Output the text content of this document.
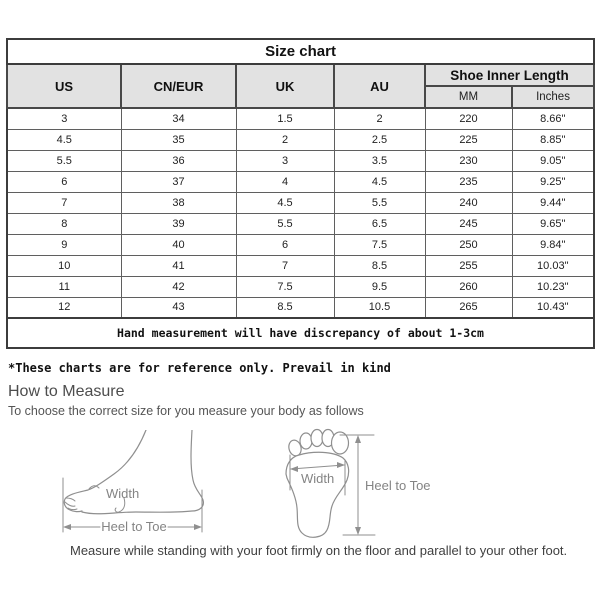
Size chart					
US	CN/EUR	UK	AU	Shoe Inner Length	
				MM	Inches
3	34	1.5	2	220	8.66"
4.5	35	2	2.5	225	8.85"
5.5	36	3	3.5	230	9.05"
6	37	4	4.5	235	9.25"
7	38	4.5	5.5	240	9.44"
8	39	5.5	6.5	245	9.65"
9	40	6	7.5	250	9.84"
10	41	7	8.5	255	10.03"
11	42	7.5	9.5	260	10.23"
12	43	8.5	10.5	265	10.43"
Hand measurement will have discrepancy of about 1-3cm					
*These charts are for reference only. Prevail in kind
How to Measure
To choose the correct size for you measure your body as follows
Width
Heel to Toe
Width Heel to Toe
Measure while standing with your foot firmly on the floor and parallel to your other foot.
